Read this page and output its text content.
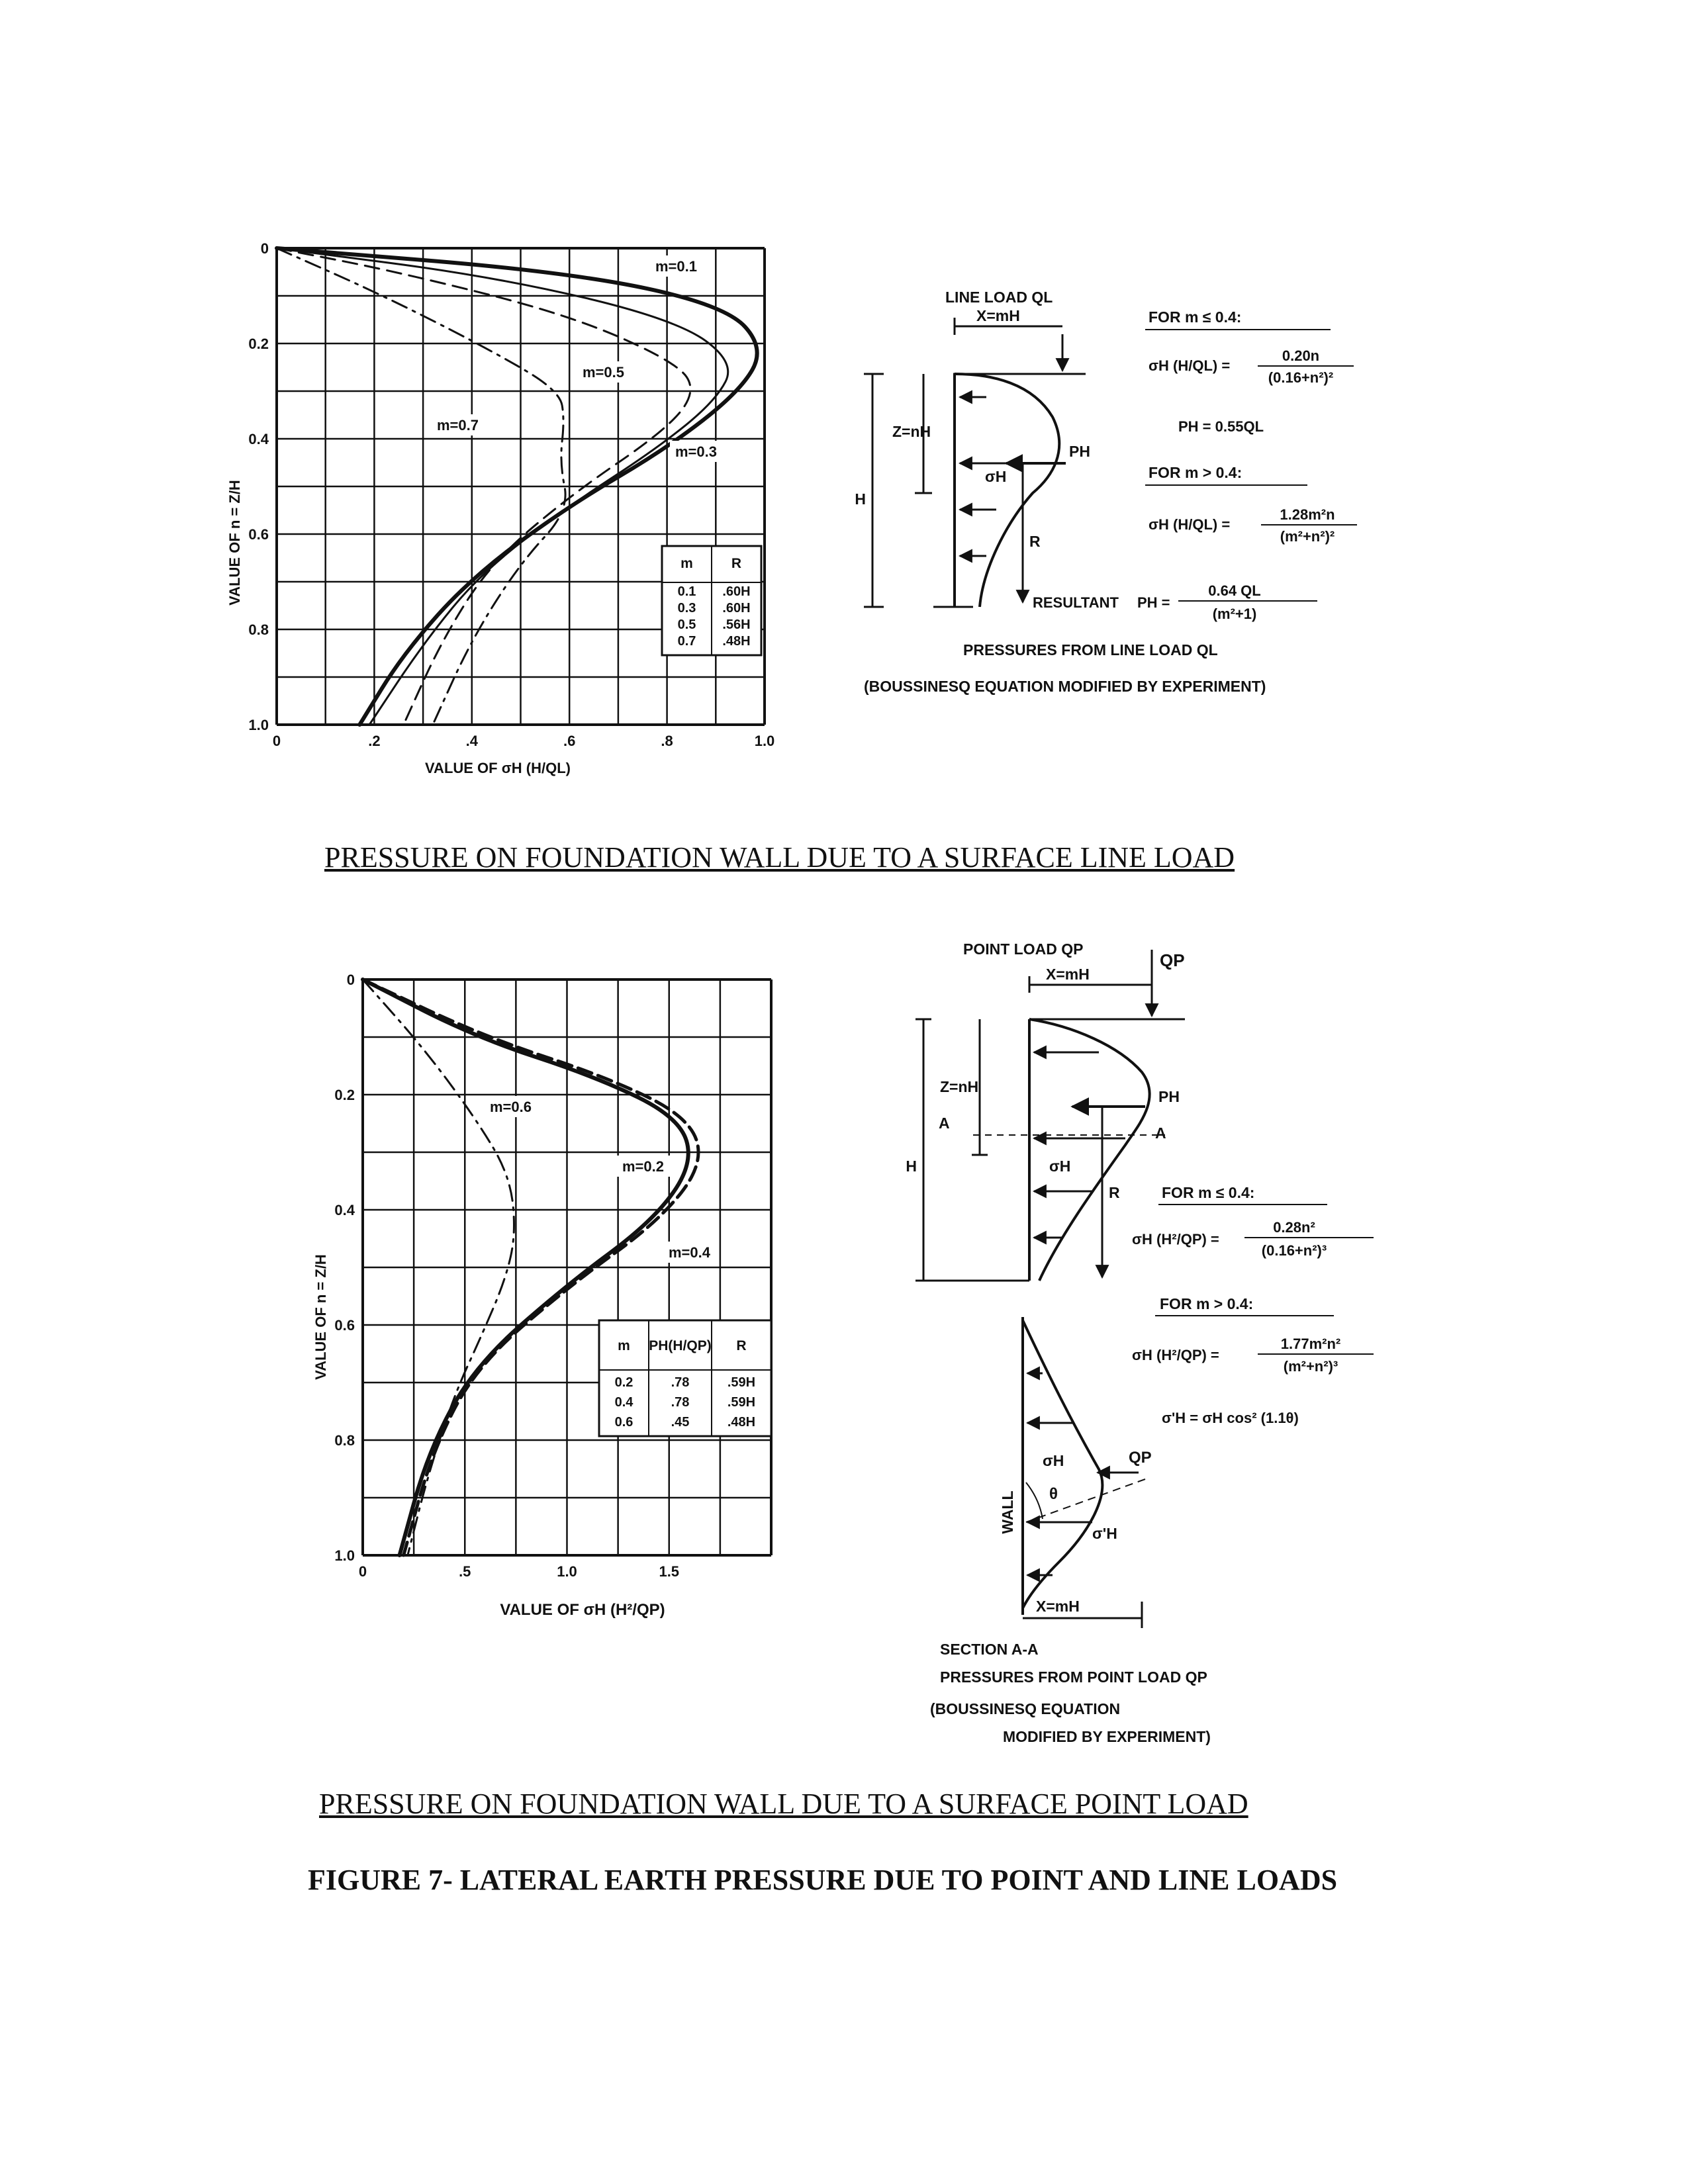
0
0.2
0.4
0.6
0.8
1.0
0	.2	.4	.6	.8	1.0
m=0.1
m=0.5
m=0.7
m=0.3
m	R
0.1 .60H
0.3 .60H
0.5 .56H
0.7 .48H
VALUE OF n = Z/H
VALUE OF σH (H/QL)
LINE LOAD QL
X=mH
Z=nH
H
PH
σH
R
FOR m ≤ 0.4:
σH (H/QL) =
0.20n
(0.16+n²)²
PH = 0.55QL
FOR m > 0.4:
σH (H/QL) =
1.28m²n
(m²+n²)²
RESULTANT PH =
0.64 QL
(m²+1)
PRESSURES FROM LINE LOAD QL
(BOUSSINESQ EQUATION MODIFIED BY EXPERIMENT)
0
0.2
0.4
0.6
0.8
1.0
0	.5	1.0	1.5
m=0.6
m=0.2
m=0.4
m PH(H/QP) R
0.2	.78	.59H
0.4	.78	.59H
0.6	.45	.48H
VALUE OF n = Z/H
VALUE OF σH (H²/QP)
POINT LOAD QP
QP
X=mH
Z=nH
A
A
H
PH
σH
R	FOR m ≤ 0.4:
σH (H²/QP) =
0.28n²
(0.16+n²)³
FOR m > 0.4:
σH (H²/QP) =
1.77m²n²
(m²+n²)³
σ'H = σH cos² (1.1θ)
WALL
σH
θ
σ'H
QP
X=mH
SECTION A-A
PRESSURES FROM POINT LOAD QP
(BOUSSINESQ EQUATION
MODIFIED BY EXPERIMENT)
PRESSURE ON FOUNDATION WALL DUE TO A SURFACE LINE LOAD
PRESSURE ON FOUNDATION WALL DUE TO A SURFACE POINT LOAD
FIGURE 7- LATERAL EARTH PRESSURE DUE TO POINT AND LINE LOADS
